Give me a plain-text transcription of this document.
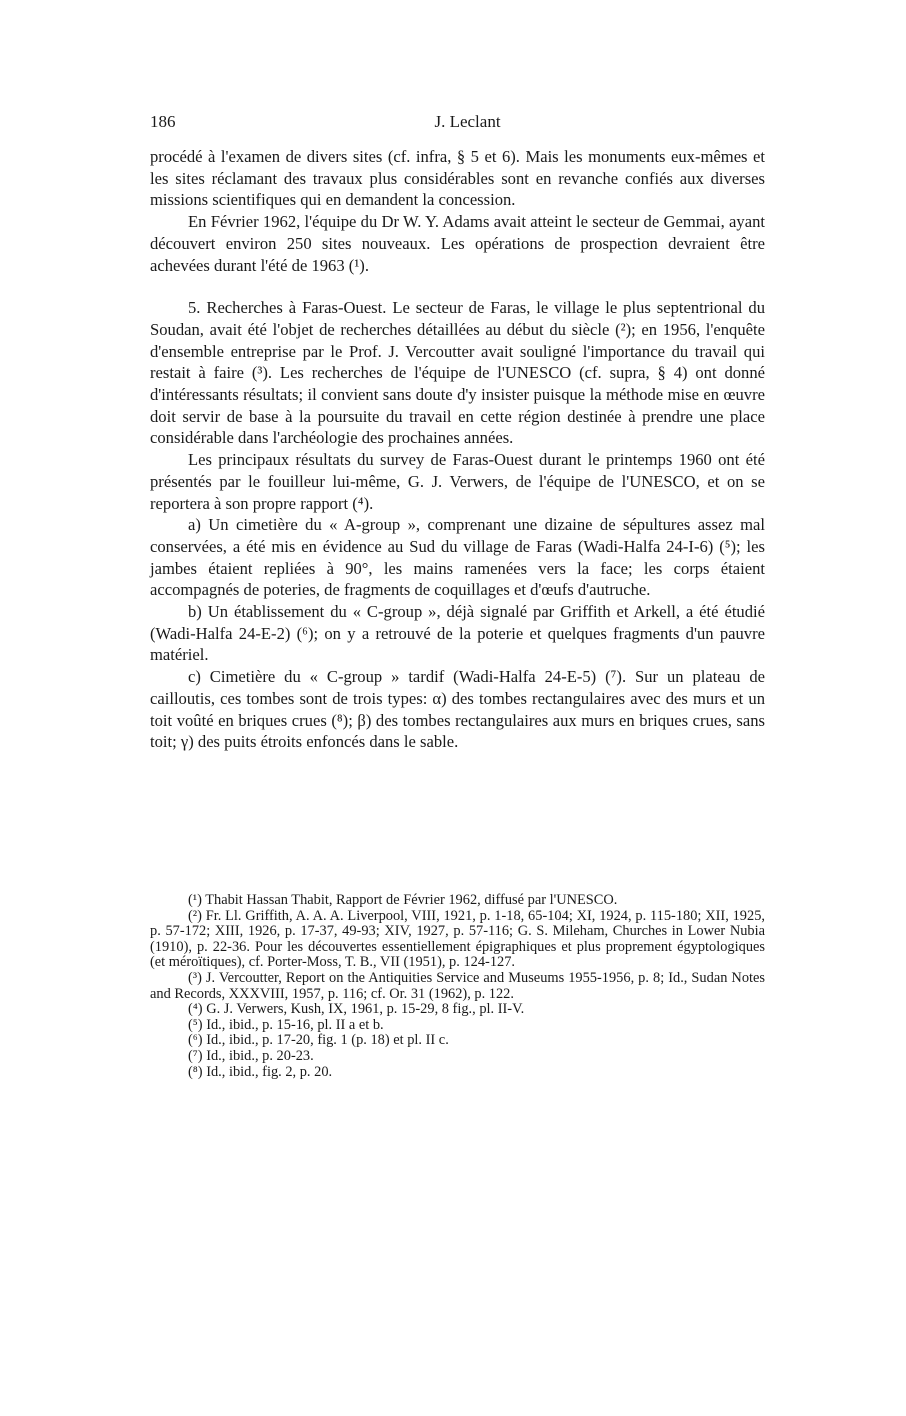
186	J. Leclant

procédé à l'examen de divers sites (cf. infra, § 5 et 6). Mais les monuments eux-mêmes et les sites réclamant des travaux plus considérables sont en revanche confiés aux diverses missions scientifiques qui en demandent la concession.

En Février 1962, l'équipe du Dr W. Y. Adams avait atteint le secteur de Gemmai, ayant découvert environ 250 sites nouveaux. Les opérations de prospection devraient être achevées durant l'été de 1963 (¹).

5. Recherches à Faras-Ouest. Le secteur de Faras, le village le plus septentrional du Soudan, avait été l'objet de recherches détaillées au début du siècle (²); en 1956, l'enquête d'ensemble entreprise par le Prof. J. Vercoutter avait souligné l'importance du travail qui restait à faire (³). Les recherches de l'équipe de l'UNESCO (cf. supra, § 4) ont donné d'intéressants résultats; il convient sans doute d'y insister puisque la méthode mise en œuvre doit servir de base à la poursuite du travail en cette région destinée à prendre une place considérable dans l'archéologie des prochaines années.

Les principaux résultats du survey de Faras-Ouest durant le printemps 1960 ont été présentés par le fouilleur lui-même, G. J. Verwers, de l'équipe de l'UNESCO, et on se reportera à son propre rapport (⁴).

a) Un cimetière du « A-group », comprenant une dizaine de sépultures assez mal conservées, a été mis en évidence au Sud du village de Faras (Wadi-Halfa 24-I-6) (⁵); les jambes étaient repliées à 90°, les mains ramenées vers la face; les corps étaient accompagnés de poteries, de fragments de coquillages et d'œufs d'autruche.

b) Un établissement du « C-group », déjà signalé par Griffith et Arkell, a été étudié (Wadi-Halfa 24-E-2) (⁶); on y a retrouvé de la poterie et quelques fragments d'un pauvre matériel.

c) Cimetière du « C-group » tardif (Wadi-Halfa 24-E-5) (⁷). Sur un plateau de cailloutis, ces tombes sont de trois types: α) des tombes rectangulaires avec des murs et un toit voûté en briques crues (⁸); β) des tombes rectangulaires aux murs en briques crues, sans toit; γ) des puits étroits enfoncés dans le sable.

(¹) Thabit Hassan Thabit, Rapport de Février 1962, diffusé par l'UNESCO.

(²) Fr. Ll. Griffith, A. A. A. Liverpool, VIII, 1921, p. 1-18, 65-104; XI, 1924, p. 115-180; XII, 1925, p. 57-172; XIII, 1926, p. 17-37, 49-93; XIV, 1927, p. 57-116; G. S. Mileham, Churches in Lower Nubia (1910), p. 22-36. Pour les découvertes essentiellement épigraphiques et plus proprement égyptologiques (et méroïtiques), cf. Porter-Moss, T. B., VII (1951), p. 124-127.

(³) J. Vercoutter, Report on the Antiquities Service and Museums 1955-1956, p. 8; Id., Sudan Notes and Records, XXXVIII, 1957, p. 116; cf. Or. 31 (1962), p. 122.

(⁴) G. J. Verwers, Kush, IX, 1961, p. 15-29, 8 fig., pl. II-V.

(⁵) Id., ibid., p. 15-16, pl. II a et b.

(⁶) Id., ibid., p. 17-20, fig. 1 (p. 18) et pl. II c.

(⁷) Id., ibid., p. 20-23.

(⁸) Id., ibid., fig. 2, p. 20.
